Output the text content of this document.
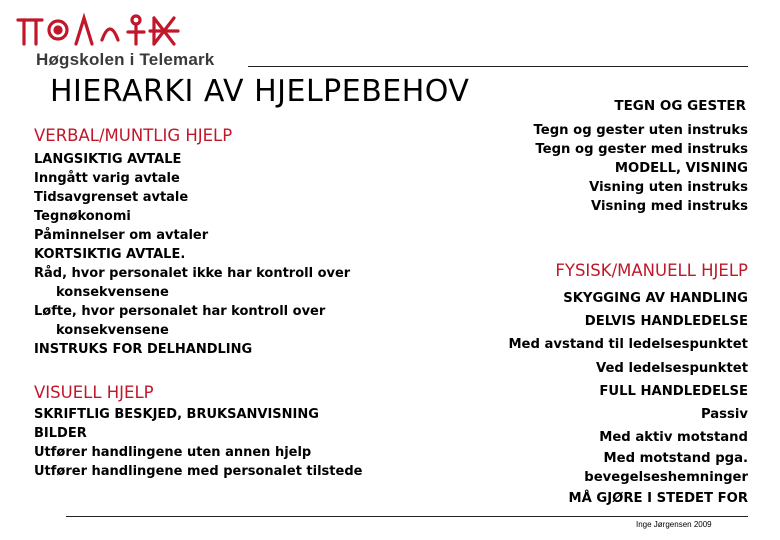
Høgskolen i Telemark
HIERARKI AV HJELPEBEHOV
VERBAL/MUNTLIG HJELP
LANGSIKTIG AVTALE
Inngått varig avtale
Tidsavgrenset avtale
Tegnøkonomi
Påminnelser om avtaler
KORTSIKTIG AVTALE.
Råd, hvor personalet ikke har kontroll over
konsekvensene
Løfte, hvor personalet har kontroll over
konsekvensene
INSTRUKS FOR DELHANDLING
VISUELL HJELP
SKRIFTLIG BESKJED, BRUKSANVISNING
BILDER
Utfører handlingene uten annen hjelp
Utfører handlingene med personalet tilstede
TEGN OG GESTER
Tegn og gester uten instruks
Tegn og gester med instruks
MODELL, VISNING
Visning uten instruks
Visning med instruks
FYSISK/MANUELL HJELP
SKYGGING AV HANDLING
DELVIS HANDLEDELSE
Med avstand til ledelsespunktet
Ved ledelsespunktet
FULL HANDLEDELSE
Passiv
Med aktiv motstand
Med motstand pga.
bevegelseshemninger
MÅ GJØRE I STEDET FOR
Inge Jørgensen 2009
